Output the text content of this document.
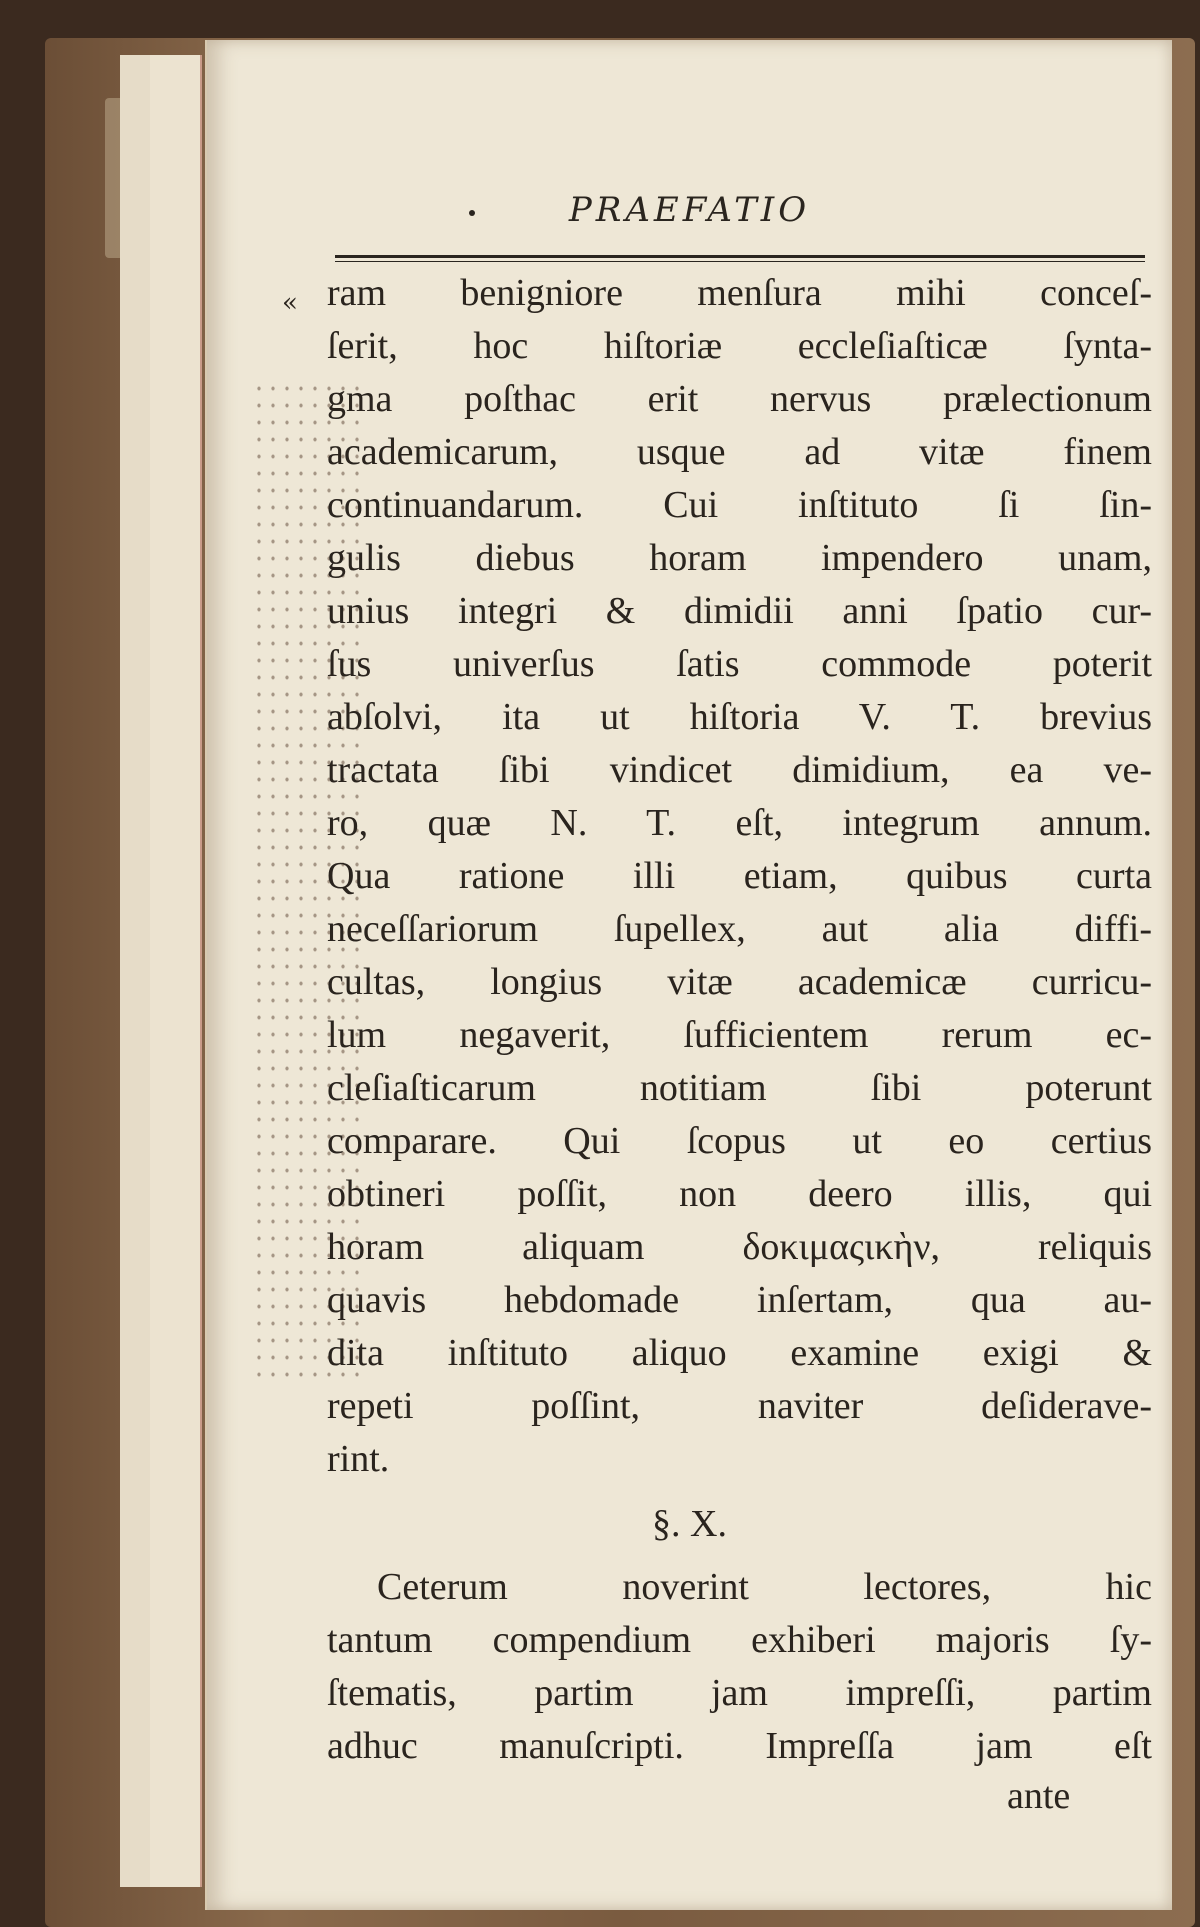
PRAEFATIO
« ram benigniore menſura mihi conceſ-
ſerit, hoc hiſtoriæ eccleſiaſticæ ſynta-
gma poſthac erit nervus prælectionum
academicarum, usque ad vitæ finem
continuandarum. Cui inſtituto ſi ſin-
gulis diebus horam impendero unam,
unius integri & dimidii anni ſpatio cur-
ſus univerſus ſatis commode poterit
abſolvi, ita ut hiſtoria V. T. brevius
tractata ſibi vindicet dimidium, ea ve-
ro, quæ N. T. eſt, integrum annum.
Qua ratione illi etiam, quibus curta
neceſſariorum ſupellex, aut alia diffi-
cultas, longius vitæ academicæ curricu-
lum negaverit, ſufficientem rerum ec-
cleſiaſticarum notitiam ſibi poterunt
comparare. Qui ſcopus ut eo certius
obtineri poſſit, non deero illis, qui
horam aliquam δοκιμαςικὴν, reliquis
quavis hebdomade inſertam, qua au-
dita inſtituto aliquo examine exigi &
repeti poſſint, naviter deſiderave-
rint.
§. X.
Ceterum noverint lectores, hic
tantum compendium exhiberi majoris ſy-
ſtematis, partim jam impreſſi, partim
adhuc manuſcripti. Impreſſa jam eſt
ante
